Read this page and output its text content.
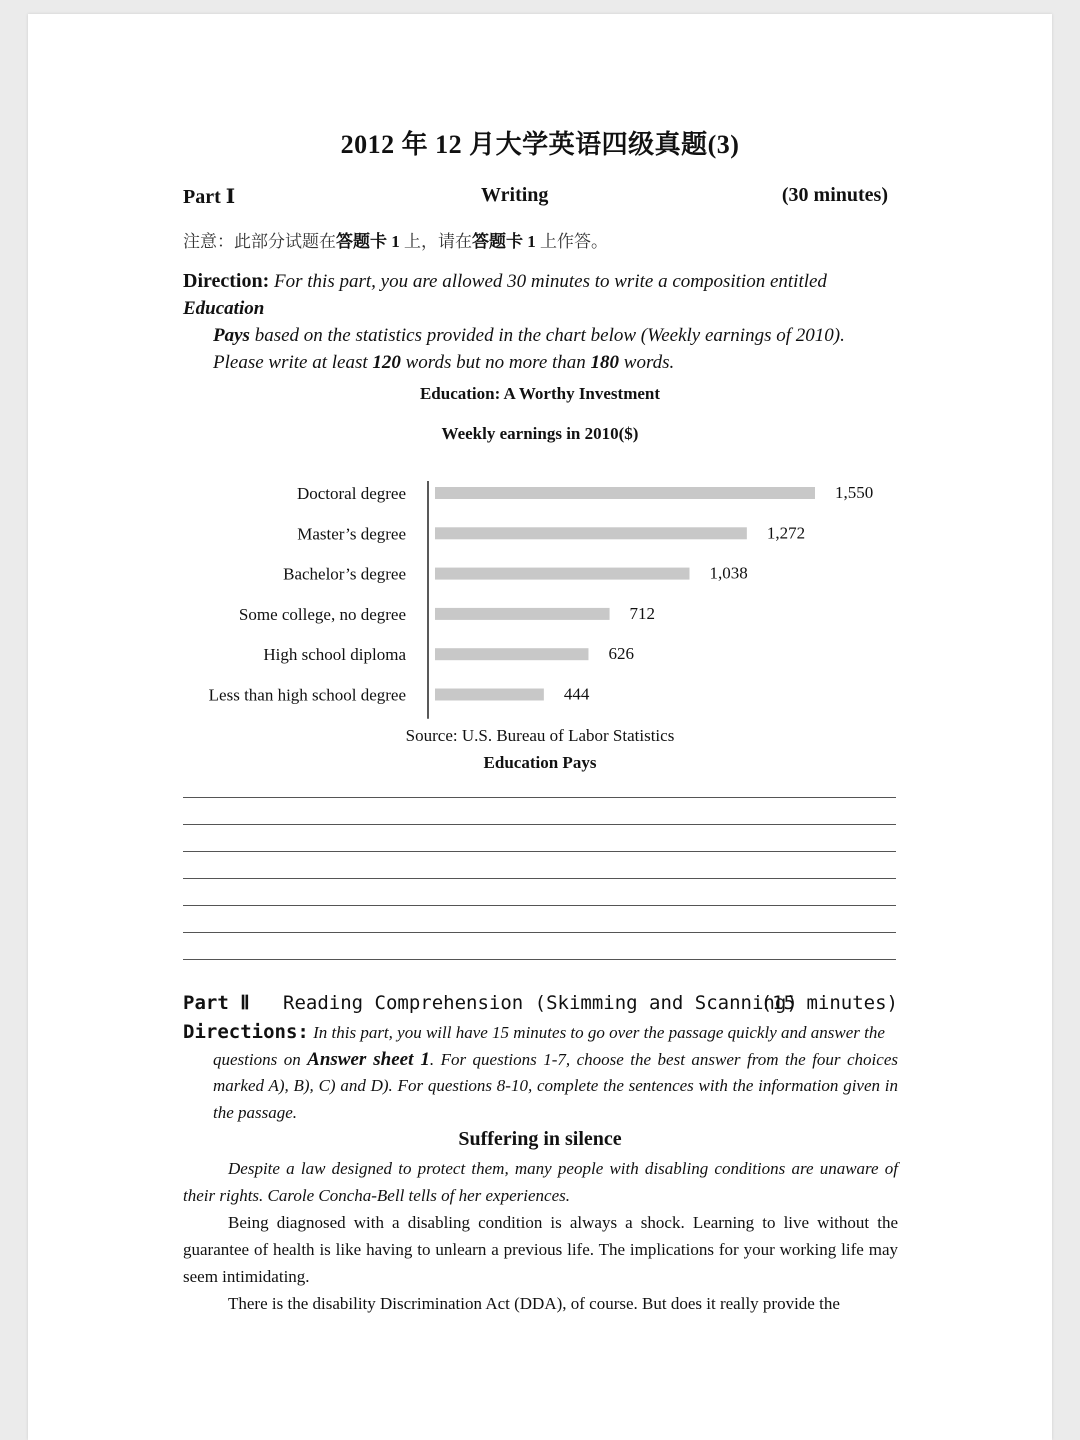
2012 年 12 月大学英语四级真题(3)
Part Ⅰ	Writing	(30 minutes)
注意：此部分试题在答题卡 1 上，请在答题卡 1 上作答。
Direction: For this part, you are allowed 30 minutes to write a composition entitled Education
Pays based on the statistics provided in the chart below (Weekly earnings of 2010).
Please write at least 120 words but no more than 180 words.
Education: A Worthy Investment
Weekly earnings in 2010($)
Doctoral degree	1,550
Master’s degree	1,272
Bachelor’s degree	1,038
Some college, no degree	712
High school diploma	626
Less than high school degree	444
Source: U.S. Bureau of Labor Statistics
Education Pays
Part Ⅱ Reading Comprehension (Skimming and Scanning)
(15 minutes)
Directions: In this part, you will have 15 minutes to go over the passage quickly and answer the
questions on Answer sheet 1. For questions 1-7, choose the best answer from the four choices marked A), B), C) and D). For questions 8-10, complete the sentences with the information given in the passage.
Suffering in silence
Despite a law designed to protect them, many people with disabling conditions are unaware of their rights. Carole Concha-Bell tells of her experiences.
Being diagnosed with a disabling condition is always a shock. Learning to live without the guarantee of health is like having to unlearn a previous life. The implications for your working life may seem intimidating.
There is the disability Discrimination Act (DDA), of course. But does it really provide the
